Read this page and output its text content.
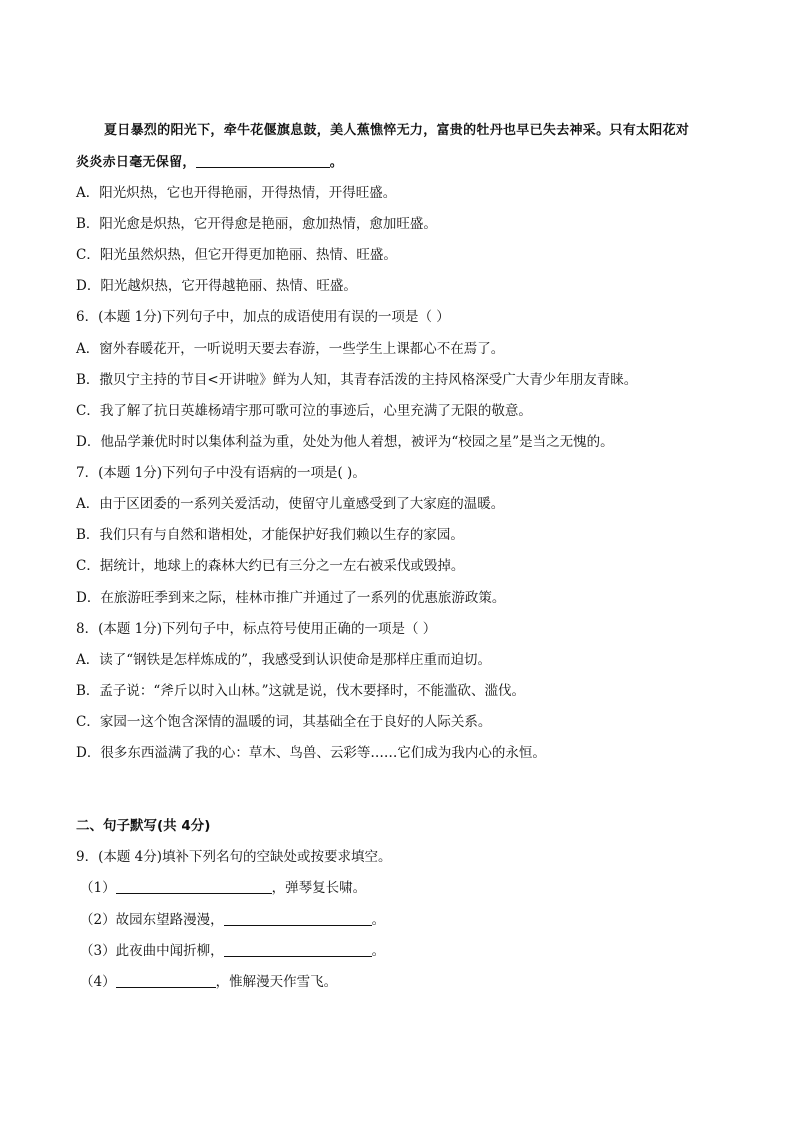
夏日暴烈的阳光下，牵牛花偃旗息鼓，美人蕉憔悴无力，富贵的牡丹也早已失去神采。只有太阳花对
炎炎赤日毫无保留，	。
A．阳光炽热，它也开得艳丽，开得热情，开得旺盛。
B．阳光愈是炽热，它开得愈是艳丽，愈加热情，愈加旺盛。
C．阳光虽然炽热，但它开得更加艳丽、热情、旺盛。
D．阳光越炽热，它开得越艳丽、热情、旺盛。
6．(本题 1分)下列句子中，加点的成语使用有误的一项是（ ）
A．窗外春暖花开，一听说明天要去春游，一些学生上课都心不在焉了。
B．撒贝宁主持的节目<开讲啦》鲜为人知，其青春活泼的主持风格深受广大青少年朋友青睐。
C．我了解了抗日英雄杨靖宇那可歌可泣的事迹后，心里充满了无限的敬意。
D．他品学兼优时时以集体利益为重，处处为他人着想，被评为“校园之星”是当之无愧的。
7．(本题 1分)下列句子中没有语病的一项是( )。
A．由于区团委的一系列关爱活动，使留守儿童感受到了大家庭的温暖。
B．我们只有与自然和谐相处，才能保护好我们赖以生存的家园。
C．据统计，地球上的森林大约已有三分之一左右被采伐或毁掉。
D．在旅游旺季到来之际，桂林市推广并通过了一系列的优惠旅游政策。
8．(本题 1分)下列句子中，标点符号使用正确的一项是（ ）
A．读了“钢铁是怎样炼成的”，我感受到认识使命是那样庄重而迫切。
B．孟子说：“斧斤以时入山林。”这就是说，伐木要择时，不能滥砍、滥伐。
C．家园一这个饱含深情的温暖的词，其基础全在于良好的人际关系。
D．很多东西溢满了我的心：草木、鸟兽、云彩等……它们成为我内心的永恒。
二、句子默写(共 4分)
9．(本题 4分)填补下列名句的空缺处或按要求填空。
（1）	，弹琴复长啸。
（2）故园东望路漫漫，	。
（3）此夜曲中闻折柳，	。
（4）	，惟解漫天作雪飞。
